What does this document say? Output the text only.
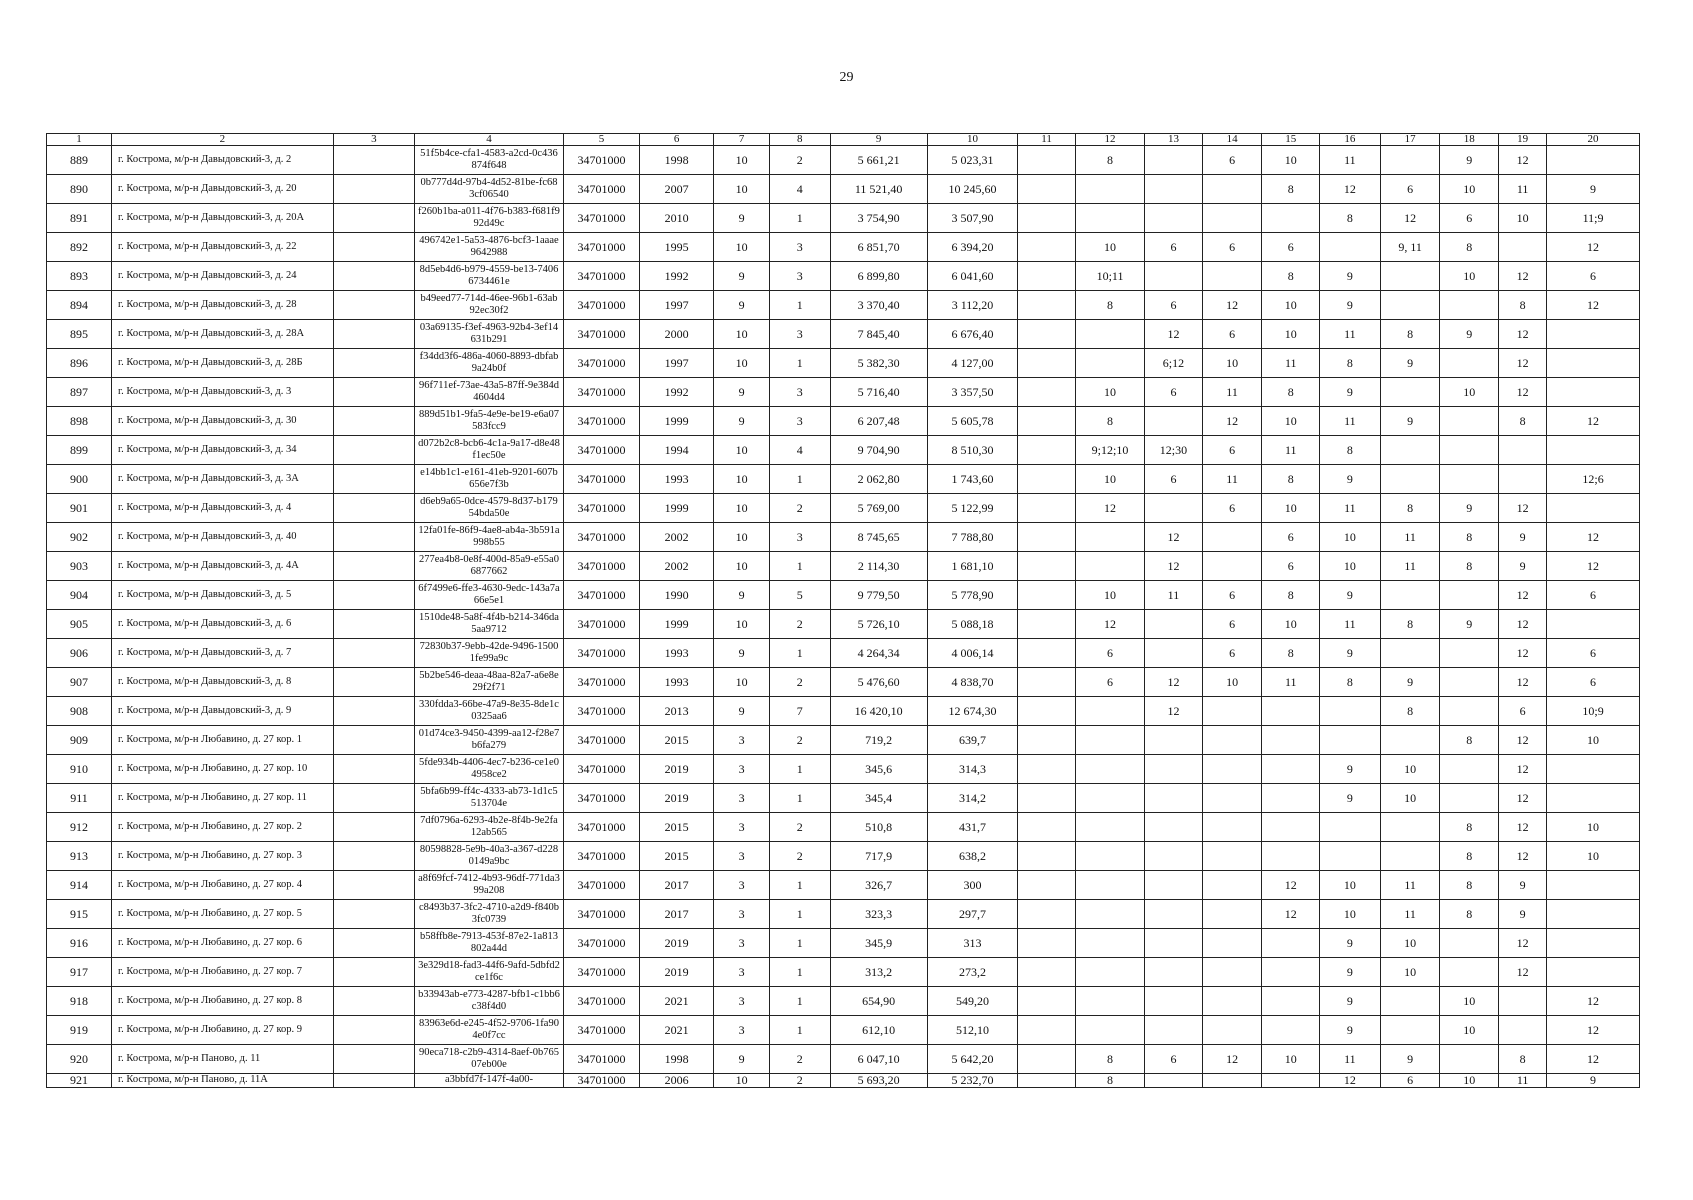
29
1	2	3	4	5	6	7	8	9	10	11	12	13	14	15	16	17	18	19	20
889	г. Кострома, м/р-н Давыдовский-3, д. 2		51f5b4ce-cfa1-4583-a2cd-0c436874f648	34701000	1998	10	2	5 661,21	5 023,31		8		6	10	11		9	12	
890	г. Кострома, м/р-н Давыдовский-3, д. 20		0b777d4d-97b4-4d52-81be-fc683cf06540	34701000	2007	10	4	11 521,40	10 245,60					8	12	6	10	11	9
891	г. Кострома, м/р-н Давыдовский-3, д. 20А		f260b1ba-a011-4f76-b383-f681f992d49c	34701000	2010	9	1	3 754,90	3 507,90						8	12	6	10	11;9
892	г. Кострома, м/р-н Давыдовский-3, д. 22		496742e1-5a53-4876-bcf3-1aaae9642988	34701000	1995	10	3	6 851,70	6 394,20		10	6	6	6		9, 11	8		12
893	г. Кострома, м/р-н Давыдовский-3, д. 24		8d5eb4d6-b979-4559-be13-74066734461e	34701000	1992	9	3	6 899,80	6 041,60		10;11			8	9		10	12	6
894	г. Кострома, м/р-н Давыдовский-3, д. 28		b49eed77-714d-46ee-96b1-63ab92ec30f2	34701000	1997	9	1	3 370,40	3 112,20		8	6	12	10	9			8	12
895	г. Кострома, м/р-н Давыдовский-3, д. 28А		03a69135-f3ef-4963-92b4-3ef14631b291	34701000	2000	10	3	7 845,40	6 676,40			12	6	10	11	8	9	12	
896	г. Кострома, м/р-н Давыдовский-3, д. 28Б		f34dd3f6-486a-4060-8893-dbfab9a24b0f	34701000	1997	10	1	5 382,30	4 127,00			6;12	10	11	8	9		12	
897	г. Кострома, м/р-н Давыдовский-3, д. 3		96f711ef-73ae-43a5-87ff-9e384d4604d4	34701000	1992	9	3	5 716,40	3 357,50		10	6	11	8	9		10	12	
898	г. Кострома, м/р-н Давыдовский-3, д. 30		889d51b1-9fa5-4e9e-be19-e6a07583fcc9	34701000	1999	9	3	6 207,48	5 605,78		8		12	10	11	9		8	12
899	г. Кострома, м/р-н Давыдовский-3, д. 34		d072b2c8-bcb6-4c1a-9a17-d8e48f1ec50e	34701000	1994	10	4	9 704,90	8 510,30		9;12;10	12;30	6	11	8				
900	г. Кострома, м/р-н Давыдовский-3, д. 3А		e14bb1c1-e161-41eb-9201-607b656e7f3b	34701000	1993	10	1	2 062,80	1 743,60		10	6	11	8	9				12;6
901	г. Кострома, м/р-н Давыдовский-3, д. 4		d6eb9a65-0dce-4579-8d37-b17954bda50e	34701000	1999	10	2	5 769,00	5 122,99		12		6	10	11	8	9	12	
902	г. Кострома, м/р-н Давыдовский-3, д. 40		12fa01fe-86f9-4ae8-ab4a-3b591a998b55	34701000	2002	10	3	8 745,65	7 788,80			12		6	10	11	8	9	12
903	г. Кострома, м/р-н Давыдовский-3, д. 4А		277ea4b8-0e8f-400d-85a9-e55a06877662	34701000	2002	10	1	2 114,30	1 681,10			12		6	10	11	8	9	12
904	г. Кострома, м/р-н Давыдовский-3, д. 5		6f7499e6-ffe3-4630-9edc-143a7a66e5e1	34701000	1990	9	5	9 779,50	5 778,90		10	11	6	8	9			12	6
905	г. Кострома, м/р-н Давыдовский-3, д. 6		1510de48-5a8f-4f4b-b214-346da5aa9712	34701000	1999	10	2	5 726,10	5 088,18		12		6	10	11	8	9	12	
906	г. Кострома, м/р-н Давыдовский-3, д. 7		72830b37-9ebb-42de-9496-15001fe99a9c	34701000	1993	9	1	4 264,34	4 006,14		6		6	8	9			12	6
907	г. Кострома, м/р-н Давыдовский-3, д. 8		5b2be546-deaa-48aa-82a7-a6e8e29f2f71	34701000	1993	10	2	5 476,60	4 838,70		6	12	10	11	8	9		12	6
908	г. Кострома, м/р-н Давыдовский-3, д. 9		330fdda3-66be-47a9-8e35-8de1c0325aa6	34701000	2013	9	7	16 420,10	12 674,30			12				8		6	10;9
909	г. Кострома, м/р-н Любавино, д. 27 кор. 1		01d74ce3-9450-4399-aa12-f28e7b6fa279	34701000	2015	3	2	719,2	639,7								8	12	10
910	г. Кострома, м/р-н Любавино, д. 27 кор. 10		5fde934b-4406-4ec7-b236-ce1e04958ce2	34701000	2019	3	1	345,6	314,3						9	10		12	
911	г. Кострома, м/р-н Любавино, д. 27 кор. 11		5bfa6b99-ff4c-4333-ab73-1d1c5513704e	34701000	2019	3	1	345,4	314,2						9	10		12	
912	г. Кострома, м/р-н Любавино, д. 27 кор. 2		7df0796a-6293-4b2e-8f4b-9e2fa12ab565	34701000	2015	3	2	510,8	431,7								8	12	10
913	г. Кострома, м/р-н Любавино, д. 27 кор. 3		80598828-5e9b-40a3-a367-d2280149a9bc	34701000	2015	3	2	717,9	638,2								8	12	10
914	г. Кострома, м/р-н Любавино, д. 27 кор. 4		a8f69fcf-7412-4b93-96df-771da399a208	34701000	2017	3	1	326,7	300					12	10	11	8	9	
915	г. Кострома, м/р-н Любавино, д. 27 кор. 5		c8493b37-3fc2-4710-a2d9-f840b3fc0739	34701000	2017	3	1	323,3	297,7					12	10	11	8	9	
916	г. Кострома, м/р-н Любавино, д. 27 кор. 6		b58ffb8e-7913-453f-87e2-1a813802a44d	34701000	2019	3	1	345,9	313						9	10		12	
917	г. Кострома, м/р-н Любавино, д. 27 кор. 7		3e329d18-fad3-44f6-9afd-5dbfd2ce1f6c	34701000	2019	3	1	313,2	273,2						9	10		12	
918	г. Кострома, м/р-н Любавино, д. 27 кор. 8		b33943ab-e773-4287-bfb1-c1bb6c38f4d0	34701000	2021	3	1	654,90	549,20						9		10		12
919	г. Кострома, м/р-н Любавино, д. 27 кор. 9		83963e6d-e245-4f52-9706-1fa904e0f7cc	34701000	2021	3	1	612,10	512,10						9		10		12
920	г. Кострома, м/р-н Паново, д. 11		90eca718-c2b9-4314-8aef-0b76507eb00e	34701000	1998	9	2	6 047,10	5 642,20		8	6	12	10	11	9		8	12
921	г. Кострома, м/р-н Паново, д. 11А		a3bbfd7f-147f-4a00-	34701000	2006	10	2	5 693,20	5 232,70		8				12	6	10	11	9
